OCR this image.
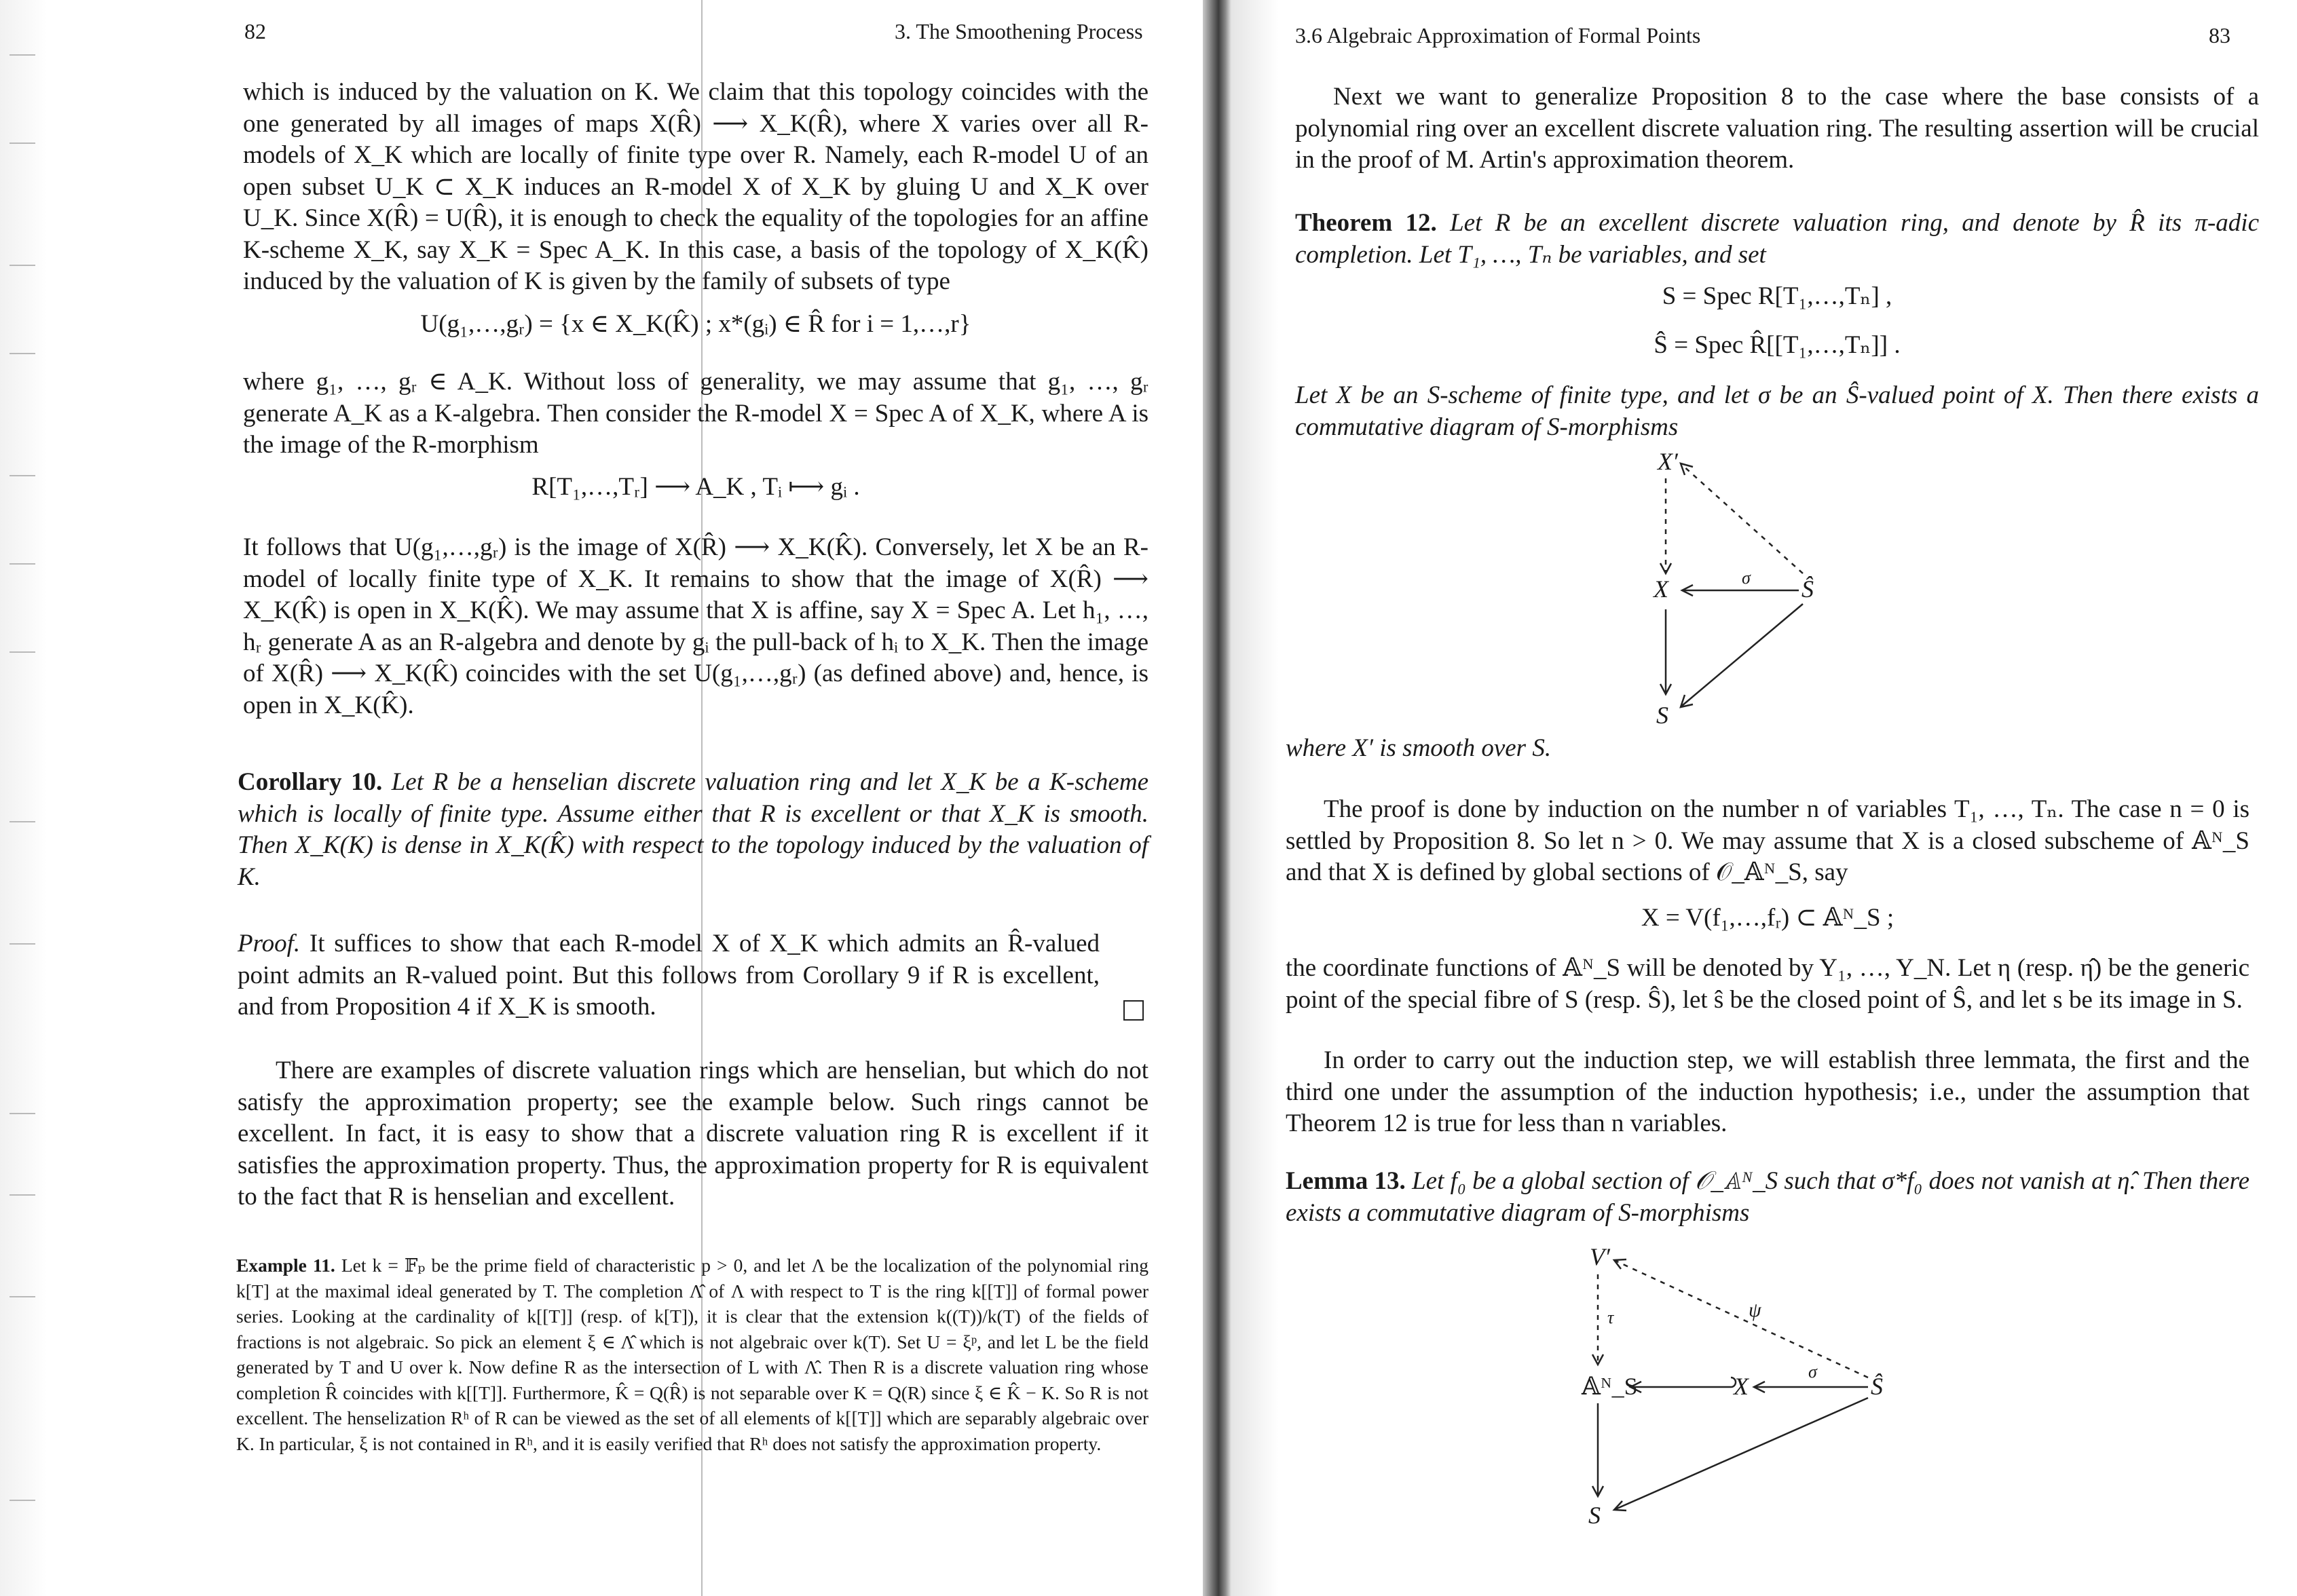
82	3. The Smoothening Process
which is induced by the valuation on K. We claim that this topology coincides with the one generated by all images of maps X(R̂) ⟶ X_K(R̂), where X varies over all R-models of X_K which are locally of finite type over R. Namely, each R-model U of an open subset U_K ⊂ X_K induces an R-model X of X_K by gluing U and X_K over U_K. Since X(R̂) = U(R̂), it is enough to check the equality of the topologies for an affine K-scheme X_K, say X_K = Spec A_K. In this case, a basis of the topology of X_K(K̂) induced by the valuation of K is given by the family of subsets of type
U(g₁,…,gᵣ) = {x ∈ X_K(K̂) ; x*(gᵢ) ∈ R̂ for i = 1,…,r}
where g₁, …, gᵣ ∈ A_K. Without loss of generality, we may assume that g₁, …, gᵣ generate A_K as a K-algebra. Then consider the R-model X = Spec A of X_K, where A is the image of the R-morphism
R[T₁,…,Tᵣ] ⟶ A_K , Tᵢ ⟼ gᵢ .
It follows that U(g₁,…,gᵣ) is the image of X(R̂) ⟶ X_K(K̂). Conversely, let X be an R-model of locally finite type of X_K. It remains to show that the image of X(R̂) ⟶ X_K(K̂) is open in X_K(K̂). We may assume that X is affine, say X = Spec A. Let h₁, …, hᵣ generate A as an R-algebra and denote by gᵢ the pull-back of hᵢ to X_K. Then the image of X(R̂) ⟶ X_K(K̂) coincides with the set U(g₁,…,gᵣ) (as defined above) and, hence, is open in X_K(K̂).
Corollary 10. Let R be a henselian discrete valuation ring and let X_K be a K-scheme which is locally of finite type. Assume either that R is excellent or that X_K is smooth. Then X_K(K) is dense in X_K(K̂) with respect to the topology induced by the valuation of K.
Proof. It suffices to show that each R-model X of X_K which admits an R̂-valued point admits an R-valued point. But this follows from Corollary 9 if R is excellent, and from Proposition 4 if X_K is smooth.
There are examples of discrete valuation rings which are henselian, but which do not satisfy the approximation property; see the example below. Such rings cannot be excellent. In fact, it is easy to show that a discrete valuation ring R is excellent if it satisfies the approximation property. Thus, the approximation property for R is equivalent to the fact that R is henselian and excellent.
Example 11. Let k = 𝔽ₚ be the prime field of characteristic p > 0, and let Λ be the localization of the polynomial ring k[T] at the maximal ideal generated by T. The completion Λ̂ of Λ with respect to T is the ring k[[T]] of formal power series. Looking at the cardinality of k[[T]] (resp. of k[T]), it is clear that the extension k((T))/k(T) of the fields of fractions is not algebraic. So pick an element ξ ∈ Λ̂ which is not algebraic over k(T). Set U = ξᵖ, and let L be the field generated by T and U over k. Now define R as the intersection of L with Λ̂. Then R is a discrete valuation ring whose completion R̂ coincides with k[[T]]. Furthermore, K̂ = Q(R̂) is not separable over K = Q(R) since ξ ∈ K̂ − K. So R is not excellent. The henselization Rʰ of R can be viewed as the set of all elements of k[[T]] which are separably algebraic over K. In particular, ξ is not contained in Rʰ, and it is easily verified that Rʰ does not satisfy the approximation property.
3.6 Algebraic Approximation of Formal Points	83
Next we want to generalize Proposition 8 to the case where the base consists of a polynomial ring over an excellent discrete valuation ring. The resulting assertion will be crucial in the proof of M. Artin's approximation theorem.
Theorem 12. Let R be an excellent discrete valuation ring, and denote by R̂ its π-adic completion. Let T₁, …, Tₙ be variables, and set
S = Spec R[T₁,…,Tₙ] ,
Ŝ = Spec R̂[[T₁,…,Tₙ]] .
Let X be an S-scheme of finite type, and let σ be an Ŝ-valued point of X. Then there exists a commutative diagram of S-morphisms
X′
X	Ŝ
S
σ
V′
𝔸ᴺ_S	X	Ŝ
S
τ	ψ
σ
where X′ is smooth over S.
The proof is done by induction on the number n of variables T₁, …, Tₙ. The case n = 0 is settled by Proposition 8. So let n > 0. We may assume that X is a closed subscheme of 𝔸ᴺ_S and that X is defined by global sections of 𝒪_𝔸ᴺ_S, say
X = V(f₁,…,fᵣ) ⊂ 𝔸ᴺ_S ;
the coordinate functions of 𝔸ᴺ_S will be denoted by Y₁, …, Y_N. Let η (resp. η̂) be the generic point of the special fibre of S (resp. Ŝ), let ŝ be the closed point of Ŝ, and let s be its image in S.
In order to carry out the induction step, we will establish three lemmata, the first and the third one under the assumption of the induction hypothesis; i.e., under the assumption that Theorem 12 is true for less than n variables.
Lemma 13. Let f₀ be a global section of 𝒪_𝔸ᴺ_S such that σ*f₀ does not vanish at η̂. Then there exists a commutative diagram of S-morphisms
